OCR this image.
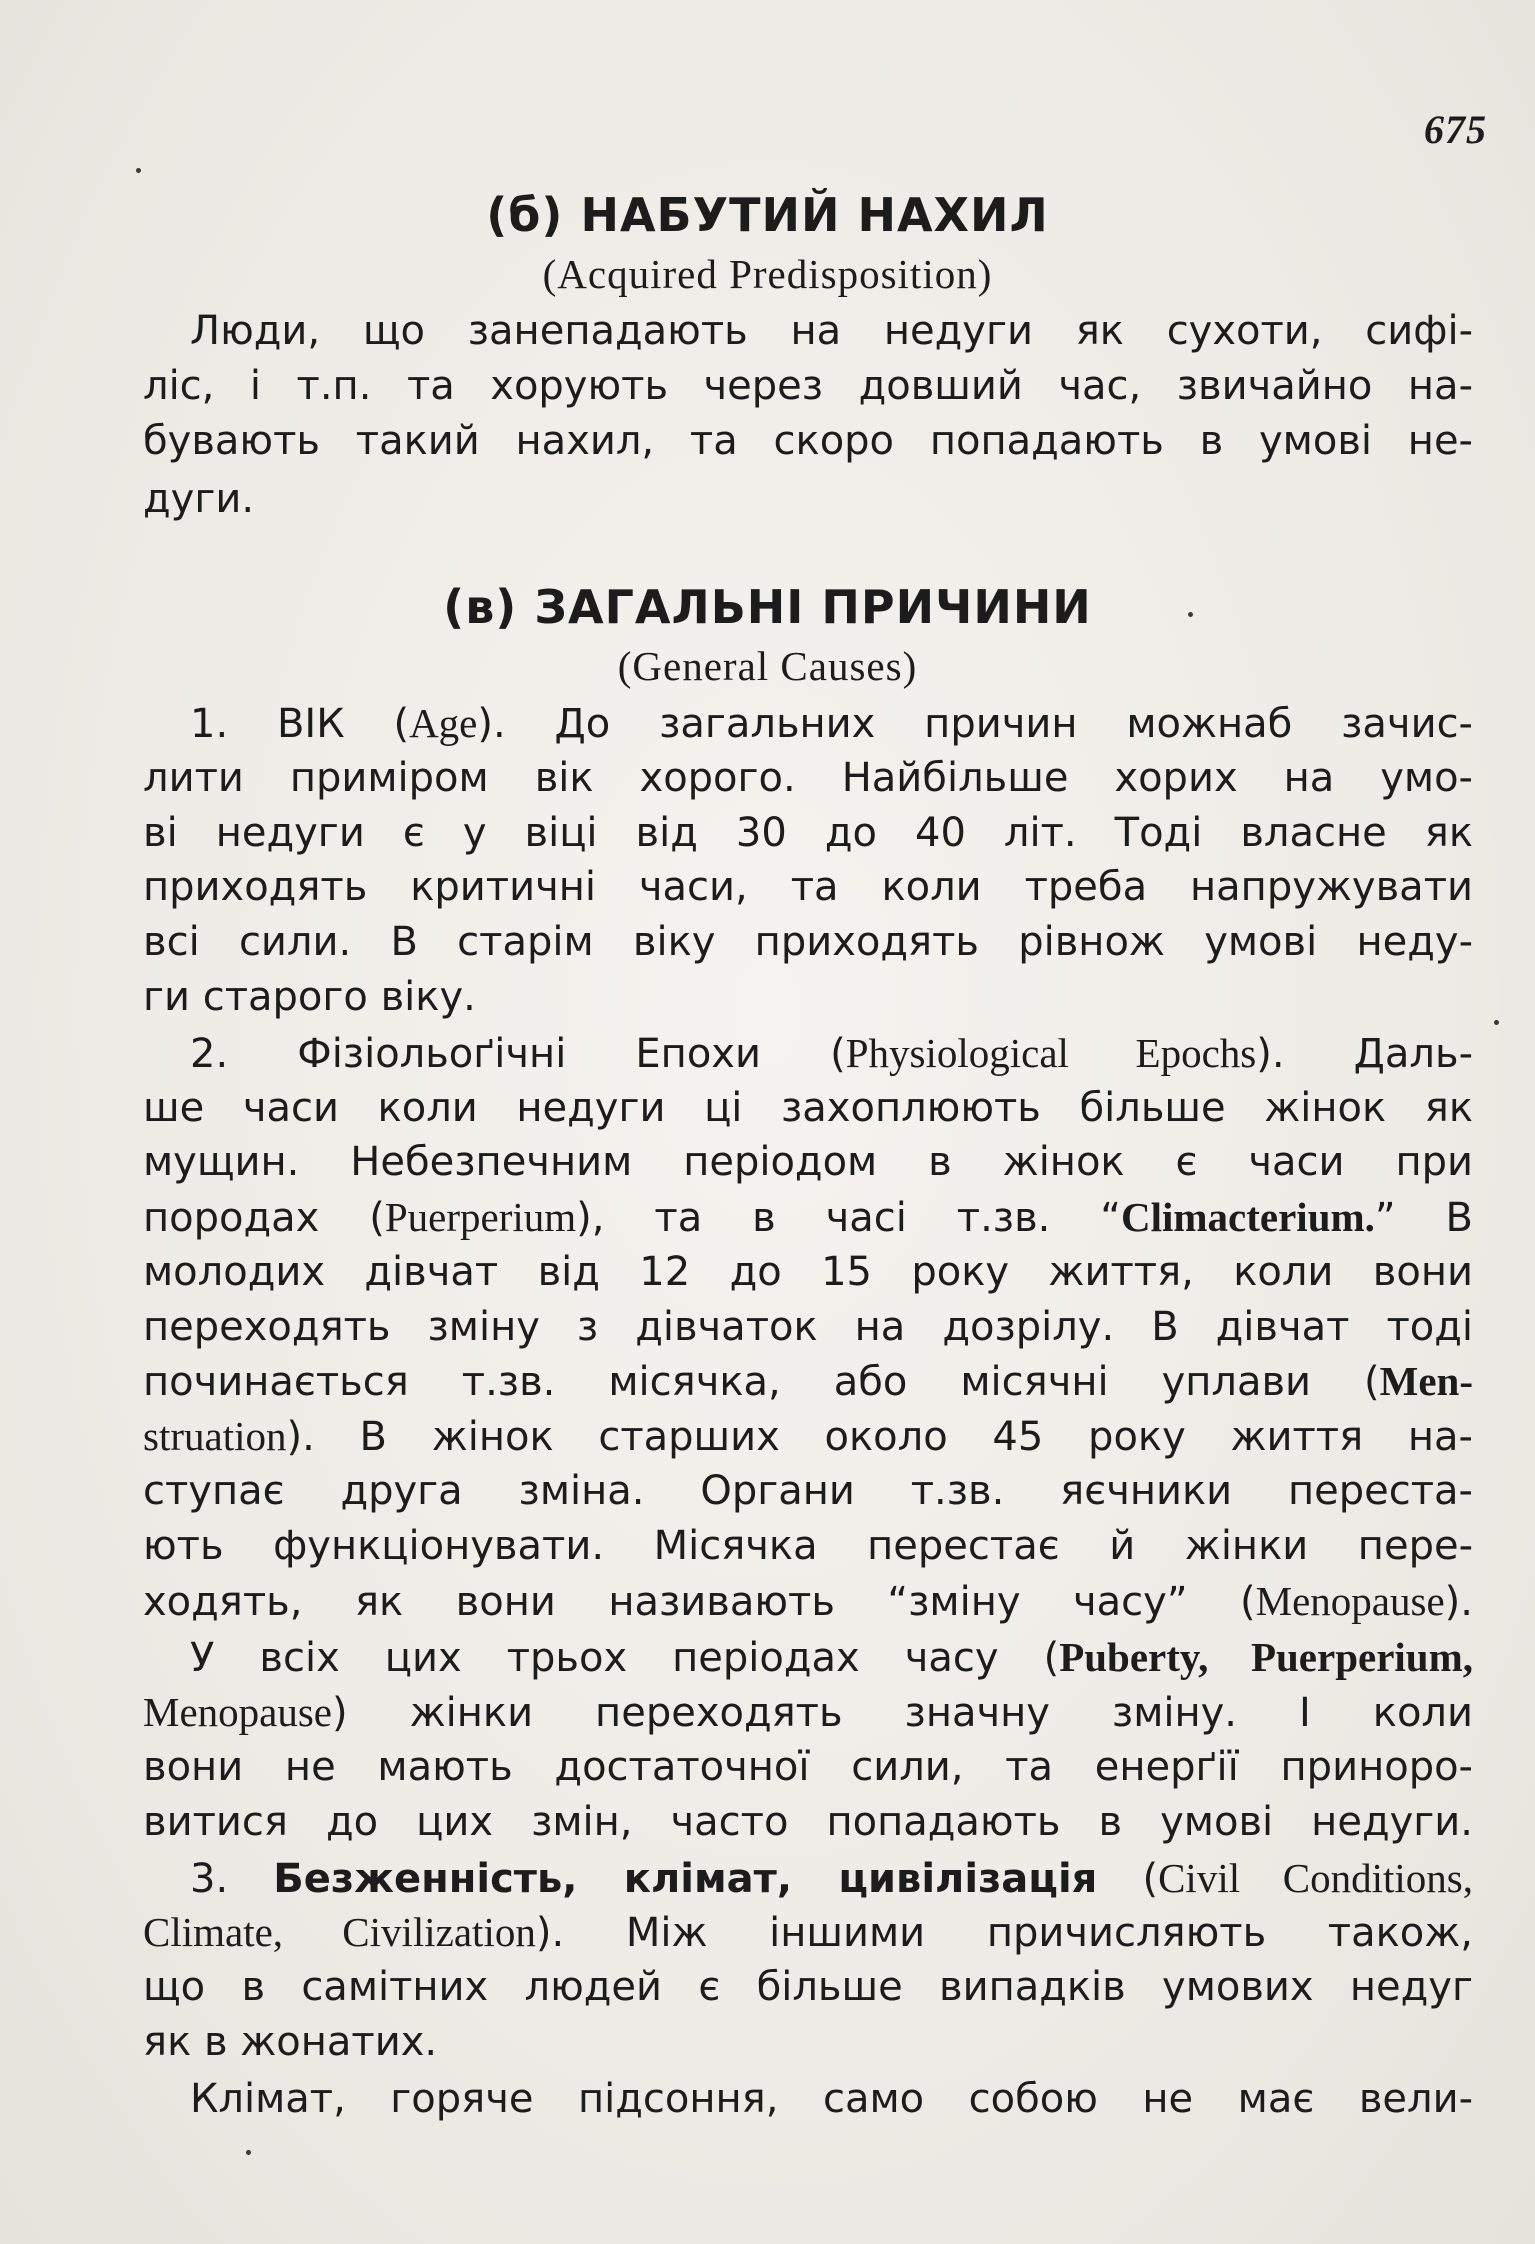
675
(б) НАБУТИЙ НАХИЛ
(Acquired Predisposition)
Люди, що занепадають на недуги як сухоти, сифі-
ліс, і т.п. та хорують через довший час, звичайно на-
бувають такий нахил, та скоро попадають в умові не-
дуги.
(в) ЗАГАЛЬНІ ПРИЧИНИ
(General Causes)
1. ВІК (Age). До загальних причин можнаб зачис-
лити приміром вік хорого. Найбільше хорих на умо-
ві недуги є у віці від 30 до 40 літ. Тоді власне як
приходять критичні часи, та коли треба напружувати
всі сили. В старім віку приходять рівнож умові неду-
ги старого віку.
2. Фізіольоґічні Епохи (Physiological Epochs). Даль-
ше часи коли недуги ці захоплюють більше жінок як
мущин. Небезпечним періодом в жінок є часи при
породах (Puerperium), та в часі т.зв. “Climacterium.” В
молодих дівчат від 12 до 15 року життя, коли вони
переходять зміну з дівчаток на дозрілу. В дівчат тоді
починається т.зв. місячка, або місячні уплави (Men-
struation). В жінок старших около 45 року життя на-
ступає друга зміна. Оргaни т.зв. яєчники переста-
ють функціонувати. Місячка перестає й жінки пере-
ходять, як вони називають “зміну часу” (Menopause).
У всіх цих трьох періодах часу (Puberty, Puerperium,
Menopause) жінки переходять значну зміну. І коли
вони не мають достаточної сили, та енерґії приноро-
витися до цих змін, часто попадають в умові недуги.
3. Безженність, клімат, цивілізація (Civil Conditions,
Climate, Civilization). Між іншими причисляють також,
що в самітних людей є більше випадків умових недуг
як в жонатих.
Клімат, горяче підсоння, само собою не має вели-
